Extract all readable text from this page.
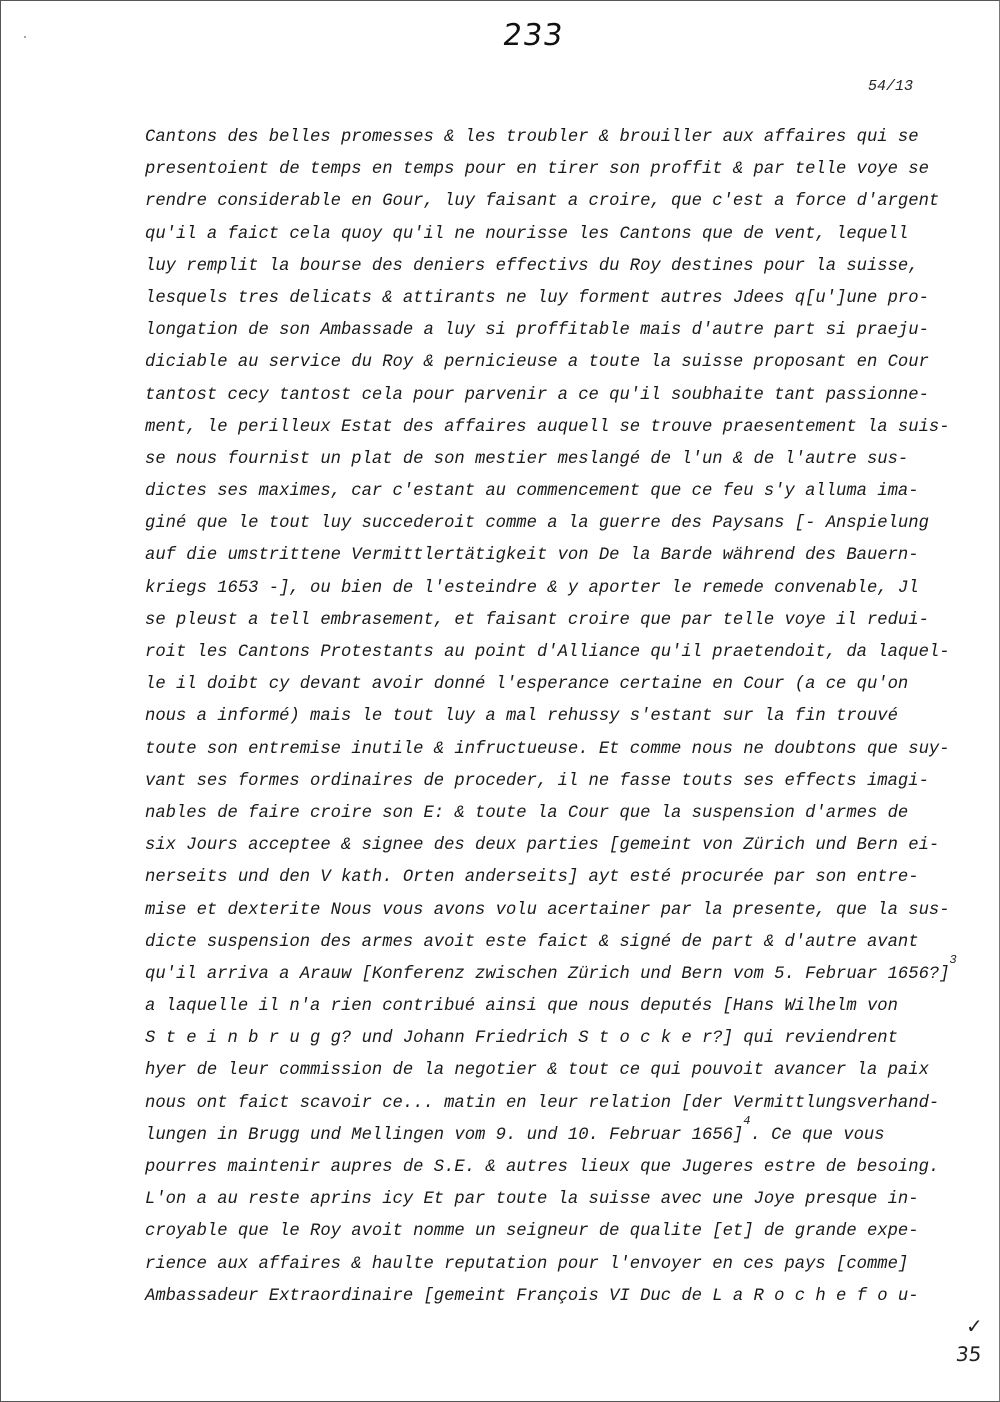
233
54/13
Cantons des belles promesses & les troubler & brouiller aux affaires qui se
presentoient de temps en temps pour en tirer son proffit & par telle voye se
rendre considerable en Gour, luy faisant a croire, que c'est a force d'argent
qu'il a faict cela quoy qu'il ne nourisse les Cantons que de vent, lequell
luy remplit la bourse des deniers effectivs du Roy destines pour la suisse,
lesquels tres delicats & attirants ne luy forment autres Jdees q[u']une pro-
longation de son Ambassade a luy si proffitable mais d'autre part si praeju-
diciable au service du Roy & pernicieuse a toute la suisse proposant en Cour
tantost cecy tantost cela pour parvenir a ce qu'il soubhaite tant passionne-
ment, le perilleux Estat des affaires auquell se trouve praesentement la suis-
se nous fournist un plat de son mestier meslangé de l'un & de l'autre sus-
dictes ses maximes, car c'estant au commencement que ce feu s'y alluma ima-
giné que le tout luy succederoit comme a la guerre des Paysans [- Anspielung
auf die umstrittene Vermittlertätigkeit von De la Barde während des Bauern-
kriegs 1653 -], ou bien de l'esteindre & y aporter le remede convenable, Jl
se pleust a tell embrasement, et faisant croire que par telle voye il redui-
roit les Cantons Protestants au point d'Alliance qu'il praetendoit, da laquel-
le il doibt cy devant avoir donné l'esperance certaine en Cour (a ce qu'on
nous a informé) mais le tout luy a mal rehussy s'estant sur la fin trouvé
toute son entremise inutile & infructueuse. Et comme nous ne doubtons que suy-
vant ses formes ordinaires de proceder, il ne fasse touts ses effects imagi-
nables de faire croire son E: & toute la Cour que la suspension d'armes de
six Jours acceptee & signee des deux parties [gemeint von Zürich und Bern ei-
nerseits und den V kath. Orten anderseits] ayt esté procurée par son entre-
mise et dexterite Nous vous avons volu acertainer par la presente, que la sus-
dicte suspension des armes avoit este faict & signé de part & d'autre avant
qu'il arriva a Arauw [Konferenz zwischen Zürich und Bern vom 5. Februar 1656?]$^3$
a laquelle il n'a rien contribué ainsi que nous deputés [Hans Wilhelm von
S t e i n b r u g g? und Johann Friedrich S t o c k e r?] qui reviendrent
hyer de leur commission de la negotier & tout ce qui pouvoit avancer la paix
nous ont faict scavoir ce... matin en leur relation [der Vermittlungsverhand-
lungen in Brugg und Mellingen vom 9. und 10. Februar 1656]$^4$. Ce que vous
pourres maintenir aupres de S.E. & autres lieux que Jugeres estre de besoing.
L'on a au reste aprins icy Et par toute la suisse avec une Joye presque in-
croyable que le Roy avoit nomme un seigneur de qualite [et] de grande expe-
rience aux affaires & haulte reputation pour l'envoyer en ces pays [comme]
Ambassadeur Extraordinaire [gemeint François VI Duc de L a R o c h e f o u-
✓
35
